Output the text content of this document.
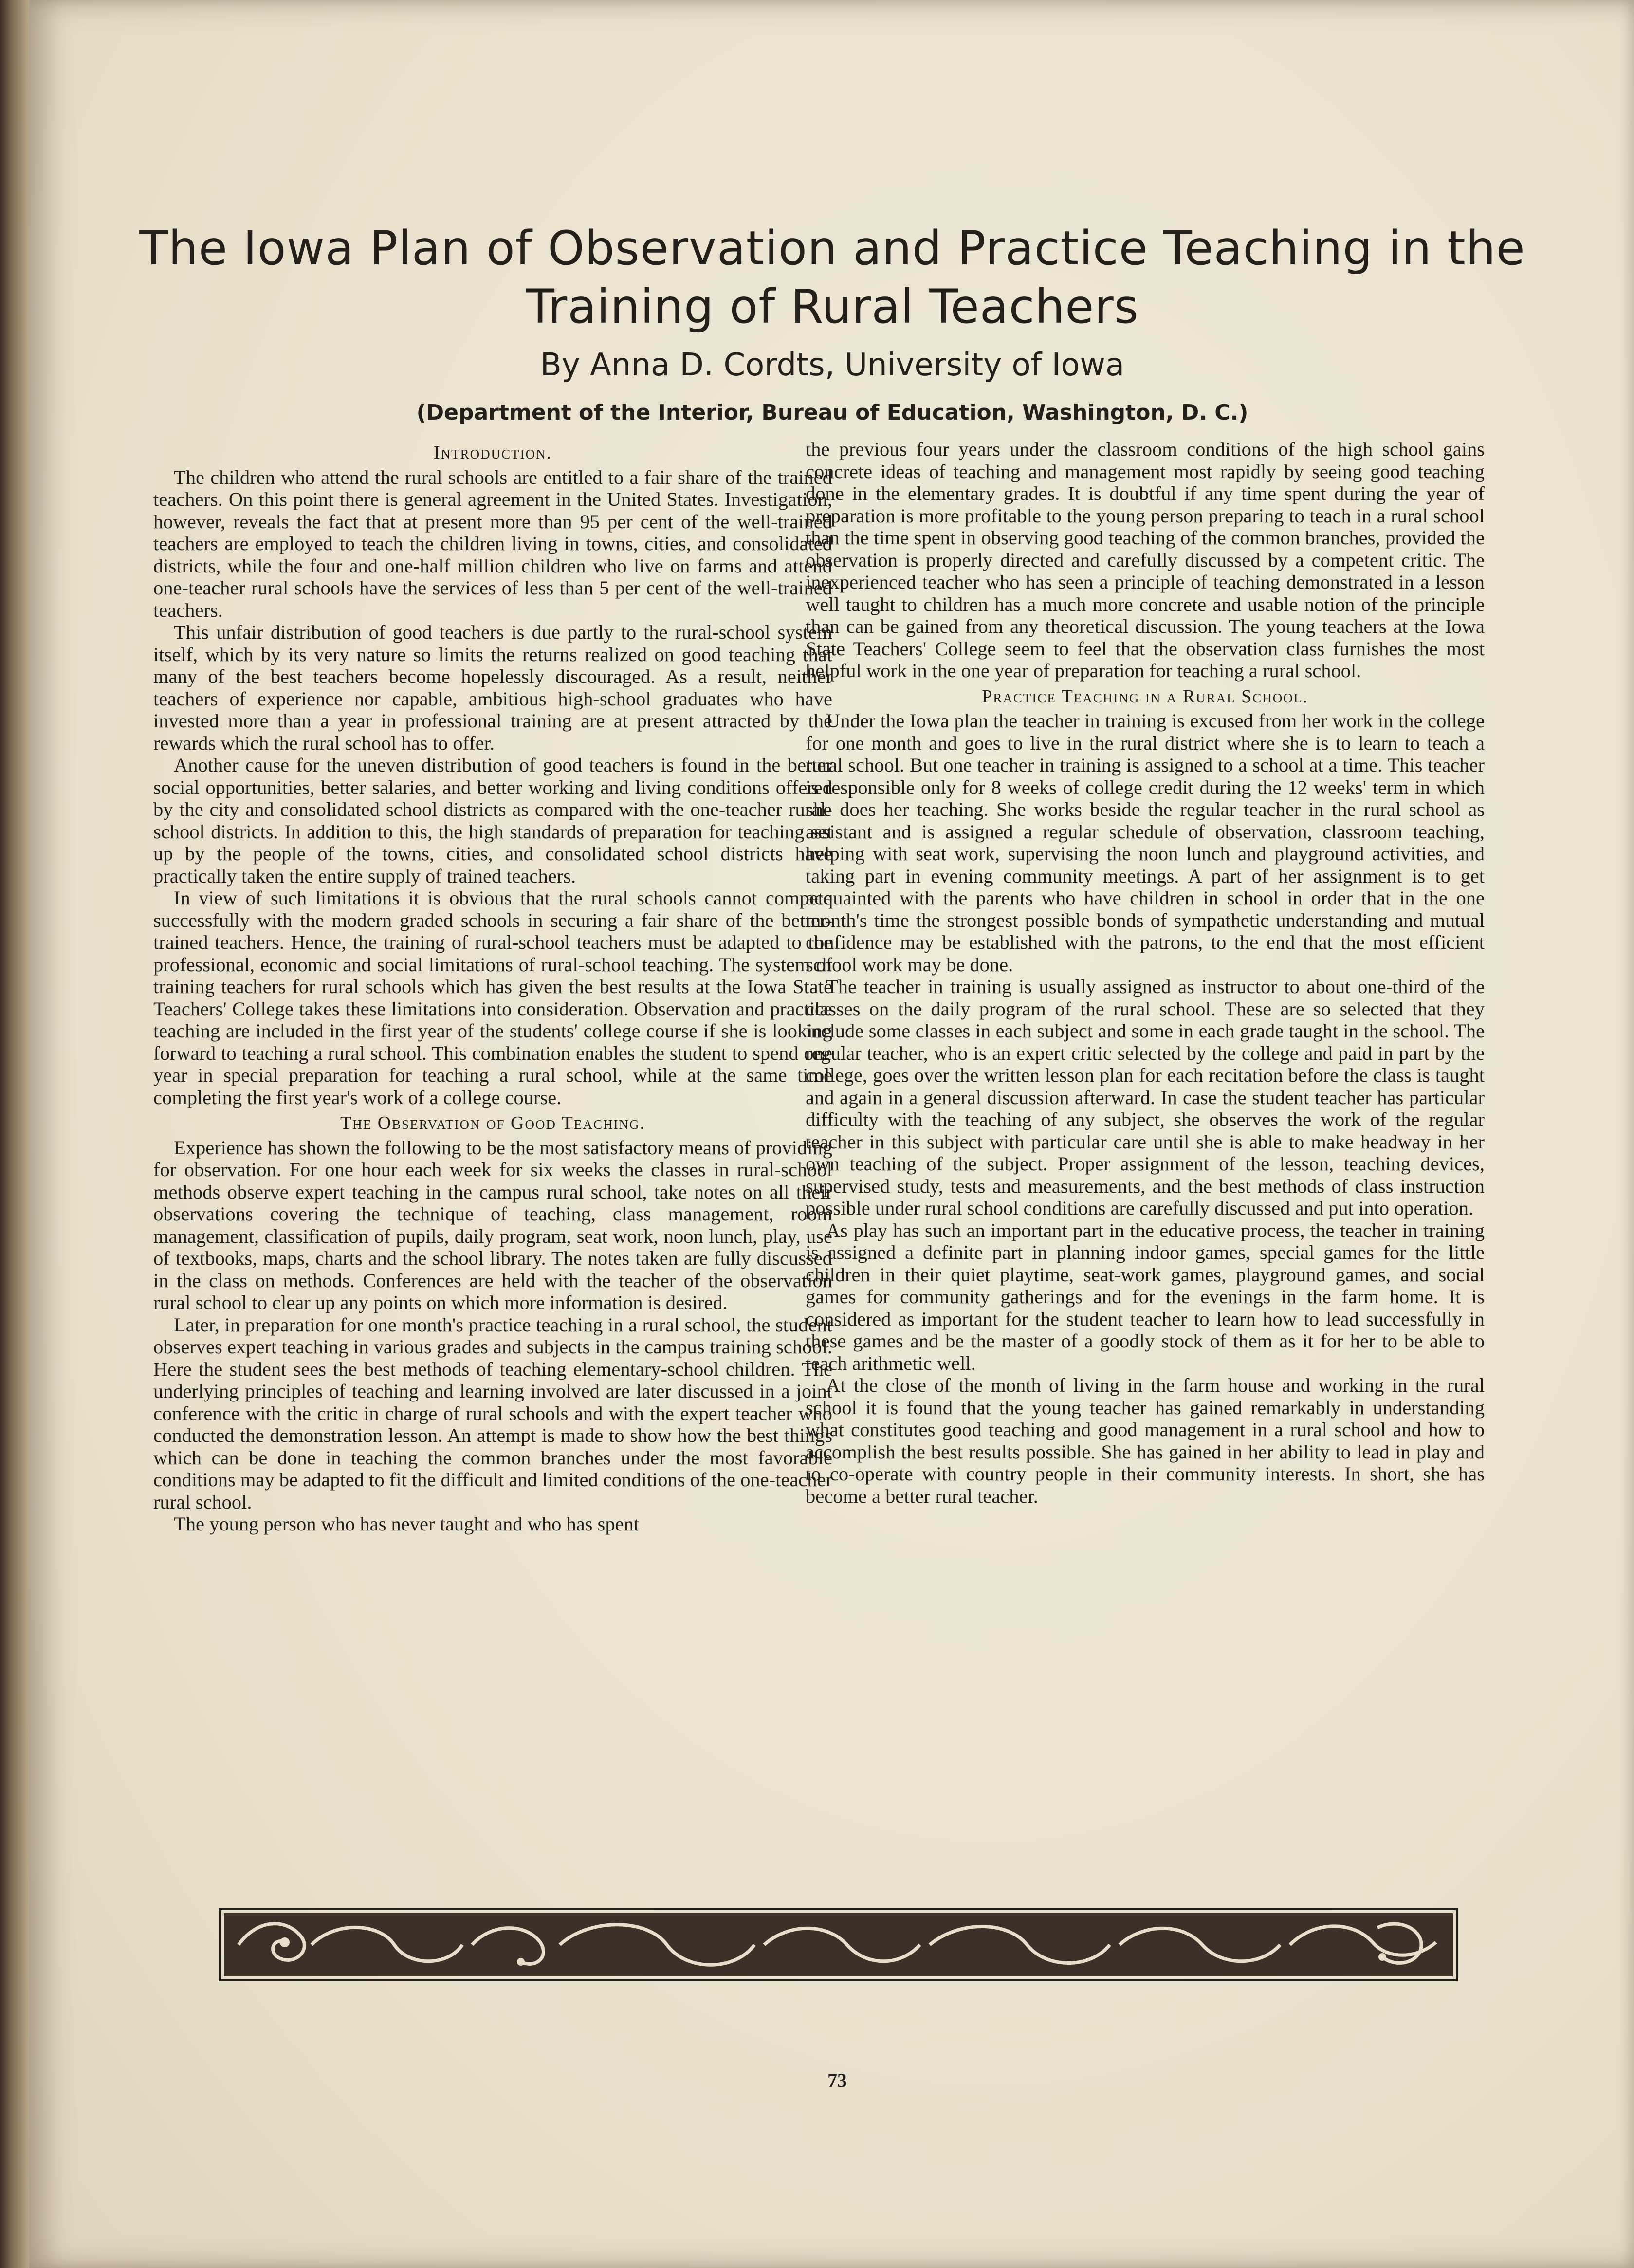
The Iowa Plan of Observation and Practice Teaching in the
Training of Rural Teachers
By Anna D. Cordts, University of Iowa
(Department of the Interior, Bureau of Education, Washington, D. C.)
Introduction.

The children who attend the rural schools are entitled to a fair share of the trained teachers. On this point there is general agreement in the United States. Investigation, however, reveals the fact that at present more than 95 per cent of the well-trained teachers are employed to teach the children living in towns, cities, and consolidated districts, while the four and one-half million children who live on farms and attend one-teacher rural schools have the services of less than 5 per cent of the well-trained teachers.

This unfair distribution of good teachers is due partly to the rural-school system itself, which by its very nature so limits the returns realized on good teaching that many of the best teachers become hopelessly discouraged. As a result, neither teachers of experience nor capable, ambitious high-school graduates who have invested more than a year in professional training are at present attracted by the rewards which the rural school has to offer.

Another cause for the uneven distribution of good teachers is found in the better social opportunities, better salaries, and better working and living conditions offered by the city and consolidated school districts as compared with the one-teacher rural-school districts. In addition to this, the high standards of preparation for teaching set up by the people of the towns, cities, and consolidated school districts have practically taken the entire supply of trained teachers.

In view of such limitations it is obvious that the rural schools cannot compete successfully with the modern graded schools in securing a fair share of the better-trained teachers. Hence, the training of rural-school teachers must be adapted to the professional, economic and social limitations of rural-school teaching. The system of training teachers for rural schools which has given the best results at the Iowa State Teachers' College takes these limitations into consideration. Observation and practice teaching are included in the first year of the students' college course if she is looking forward to teaching a rural school. This combination enables the student to spend one year in special preparation for teaching a rural school, while at the same time completing the first year's work of a college course.

The Observation of Good Teaching.

Experience has shown the following to be the most satisfactory means of providing for observation. For one hour each week for six weeks the classes in rural-school methods observe expert teaching in the campus rural school, take notes on all their observations covering the technique of teaching, class management, room management, classification of pupils, daily program, seat work, noon lunch, play, use of textbooks, maps, charts and the school library. The notes taken are fully discussed in the class on methods. Conferences are held with the teacher of the observation rural school to clear up any points on which more information is desired.

Later, in preparation for one month's practice teaching in a rural school, the student observes expert teaching in various grades and subjects in the campus training school. Here the student sees the best methods of teaching elementary-school children. The underlying principles of teaching and learning involved are later discussed in a joint conference with the critic in charge of rural schools and with the expert teacher who conducted the demonstration lesson. An attempt is made to show how the best things which can be done in teaching the common branches under the most favorable conditions may be adapted to fit the difficult and limited conditions of the one-teacher rural school.

The young person who has never taught and who has spent

the previous four years under the classroom conditions of the high school gains concrete ideas of teaching and management most rapidly by seeing good teaching done in the elementary grades. It is doubtful if any time spent during the year of preparation is more profitable to the young person preparing to teach in a rural school than the time spent in observing good teaching of the common branches, provided the observation is properly directed and carefully discussed by a competent critic. The inexperienced teacher who has seen a principle of teaching demonstrated in a lesson well taught to children has a much more concrete and usable notion of the principle than can be gained from any theoretical discussion. The young teachers at the Iowa State Teachers' College seem to feel that the observation class furnishes the most helpful work in the one year of preparation for teaching a rural school.

Practice Teaching in a Rural School.

Under the Iowa plan the teacher in training is excused from her work in the college for one month and goes to live in the rural district where she is to learn to teach a rural school. But one teacher in training is assigned to a school at a time. This teacher is responsible only for 8 weeks of college credit during the 12 weeks' term in which she does her teaching. She works beside the regular teacher in the rural school as assistant and is assigned a regular schedule of observation, classroom teaching, helping with seat work, supervising the noon lunch and playground activities, and taking part in evening community meetings. A part of her assignment is to get acquainted with the parents who have children in school in order that in the one month's time the strongest possible bonds of sympathetic understanding and mutual confidence may be established with the patrons, to the end that the most efficient school work may be done.

The teacher in training is usually assigned as instructor to about one-third of the classes on the daily program of the rural school. These are so selected that they include some classes in each subject and some in each grade taught in the school. The regular teacher, who is an expert critic selected by the college and paid in part by the college, goes over the written lesson plan for each recitation before the class is taught and again in a general discussion afterward. In case the student teacher has particular difficulty with the teaching of any subject, she observes the work of the regular teacher in this subject with particular care until she is able to make headway in her own teaching of the subject. Proper assignment of the lesson, teaching devices, supervised study, tests and measurements, and the best methods of class instruction possible under rural school conditions are carefully discussed and put into operation.

As play has such an important part in the educative process, the teacher in training is assigned a definite part in planning indoor games, special games for the little children in their quiet playtime, seat-work games, playground games, and social games for community gatherings and for the evenings in the farm home. It is considered as important for the student teacher to learn how to lead successfully in these games and be the master of a goodly stock of them as it for her to be able to teach arithmetic well.

At the close of the month of living in the farm house and working in the rural school it is found that the young teacher has gained remarkably in understanding what constitutes good teaching and good management in a rural school and how to accomplish the best results possible. She has gained in her ability to lead in play and to co-operate with country people in their community interests. In short, she has become a better rural teacher.

73
